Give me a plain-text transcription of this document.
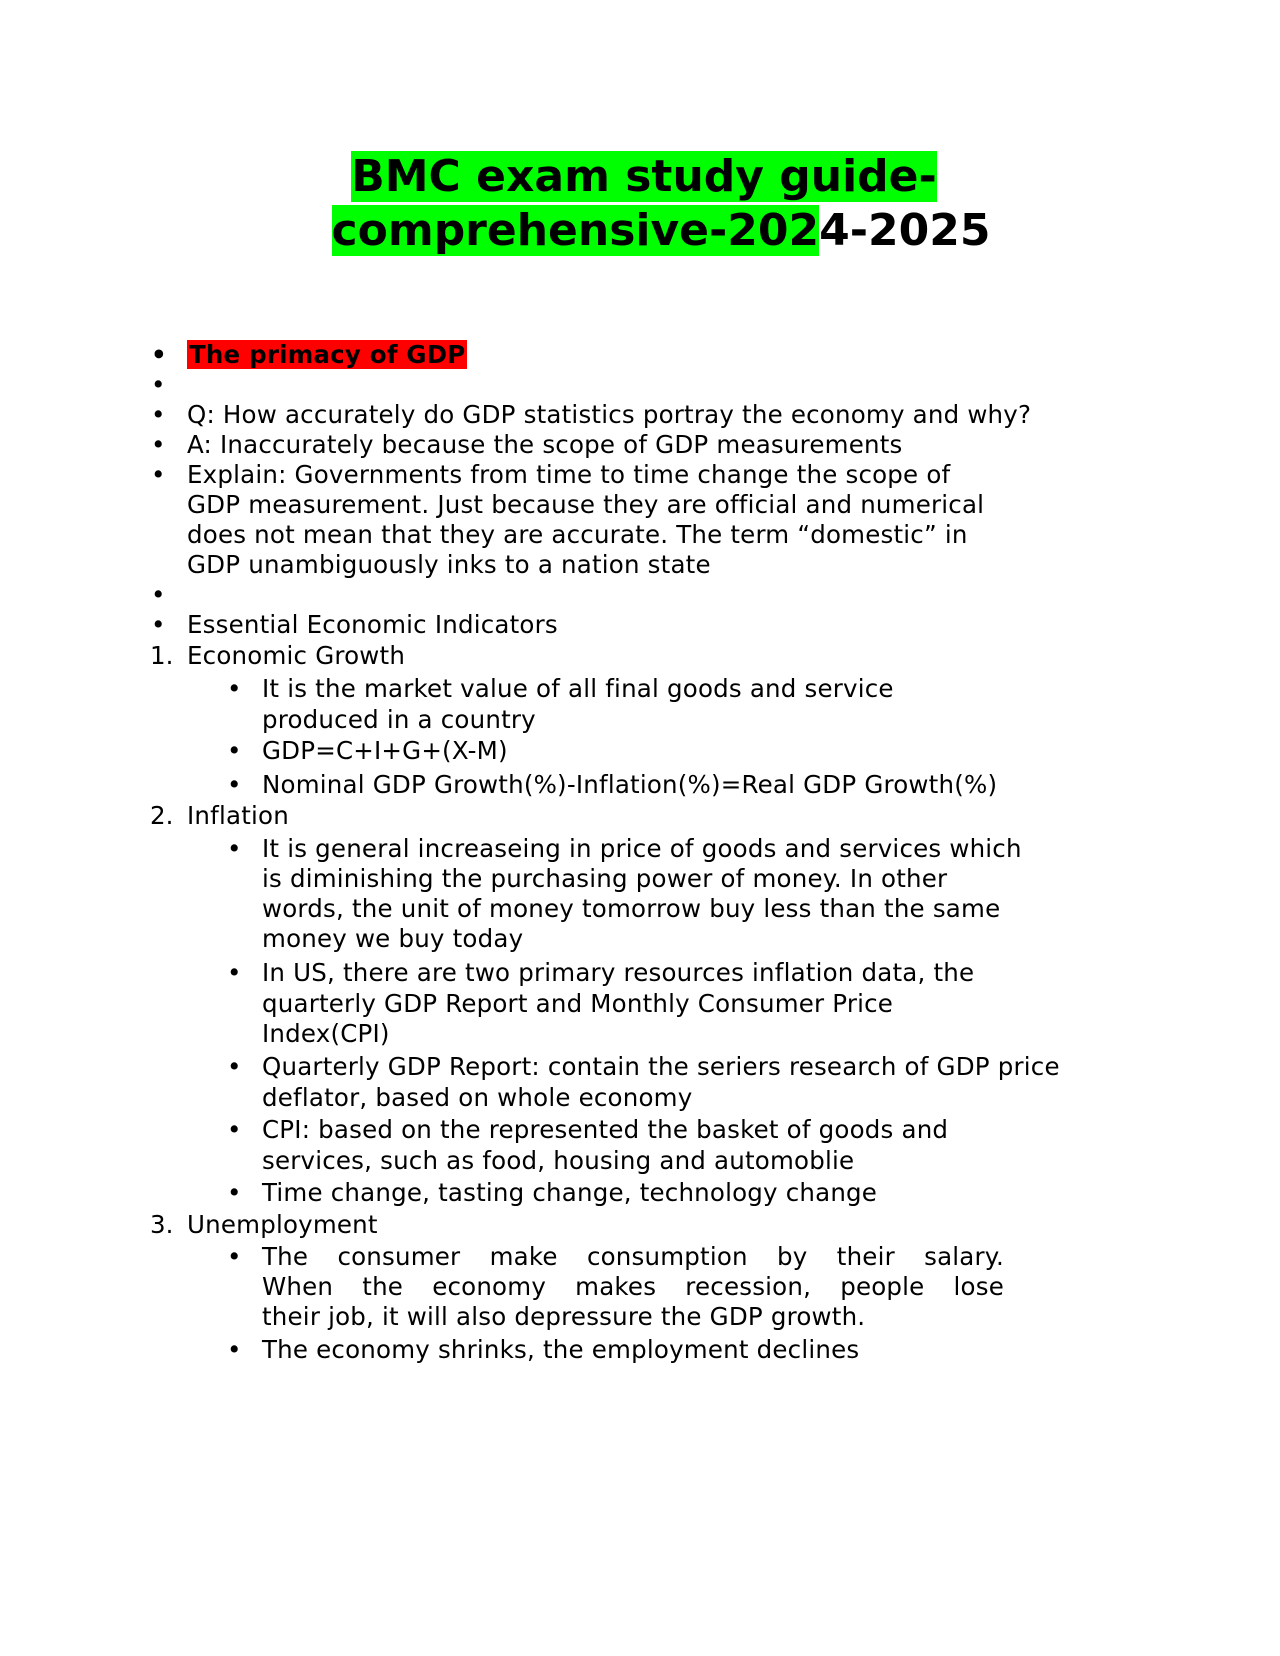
BMC exam study guide-
comprehensive-2024-2025
• The primacy of GDP
•
• Q: How accurately do GDP statistics portray the economy and why?
• A: Inaccurately because the scope of GDP measurements
• Explain: Governments from time to time change the scope of
GDP measurement. Just because they are official and numerical
does not mean that they are accurate. The term “domestic” in
GDP unambiguously inks to a nation state
•
• Essential Economic Indicators
1. Economic Growth
• It is the market value of all final goods and service
produced in a country
• GDP=C+I+G+(X-M)
• Nominal GDP Growth(%)-Inflation(%)=Real GDP Growth(%)
2. Inflation
• It is general increaseing in price of goods and services which
is diminishing the purchasing power of money. In other
words, the unit of money tomorrow buy less than the same
money we buy today
• In US, there are two primary resources inflation data, the
quarterly GDP Report and Monthly Consumer Price
Index(CPI)
• Quarterly GDP Report: contain the seriers research of GDP price
deflator, based on whole economy
• CPI: based on the represented the basket of goods and
services, such as food, housing and automoblie
• Time change, tasting change, technology change
3. Unemployment
• The consumer make consumption by their salary.
When the economy makes recession, people lose
their job, it will also depressure the GDP growth.
• The economy shrinks, the employment declines
